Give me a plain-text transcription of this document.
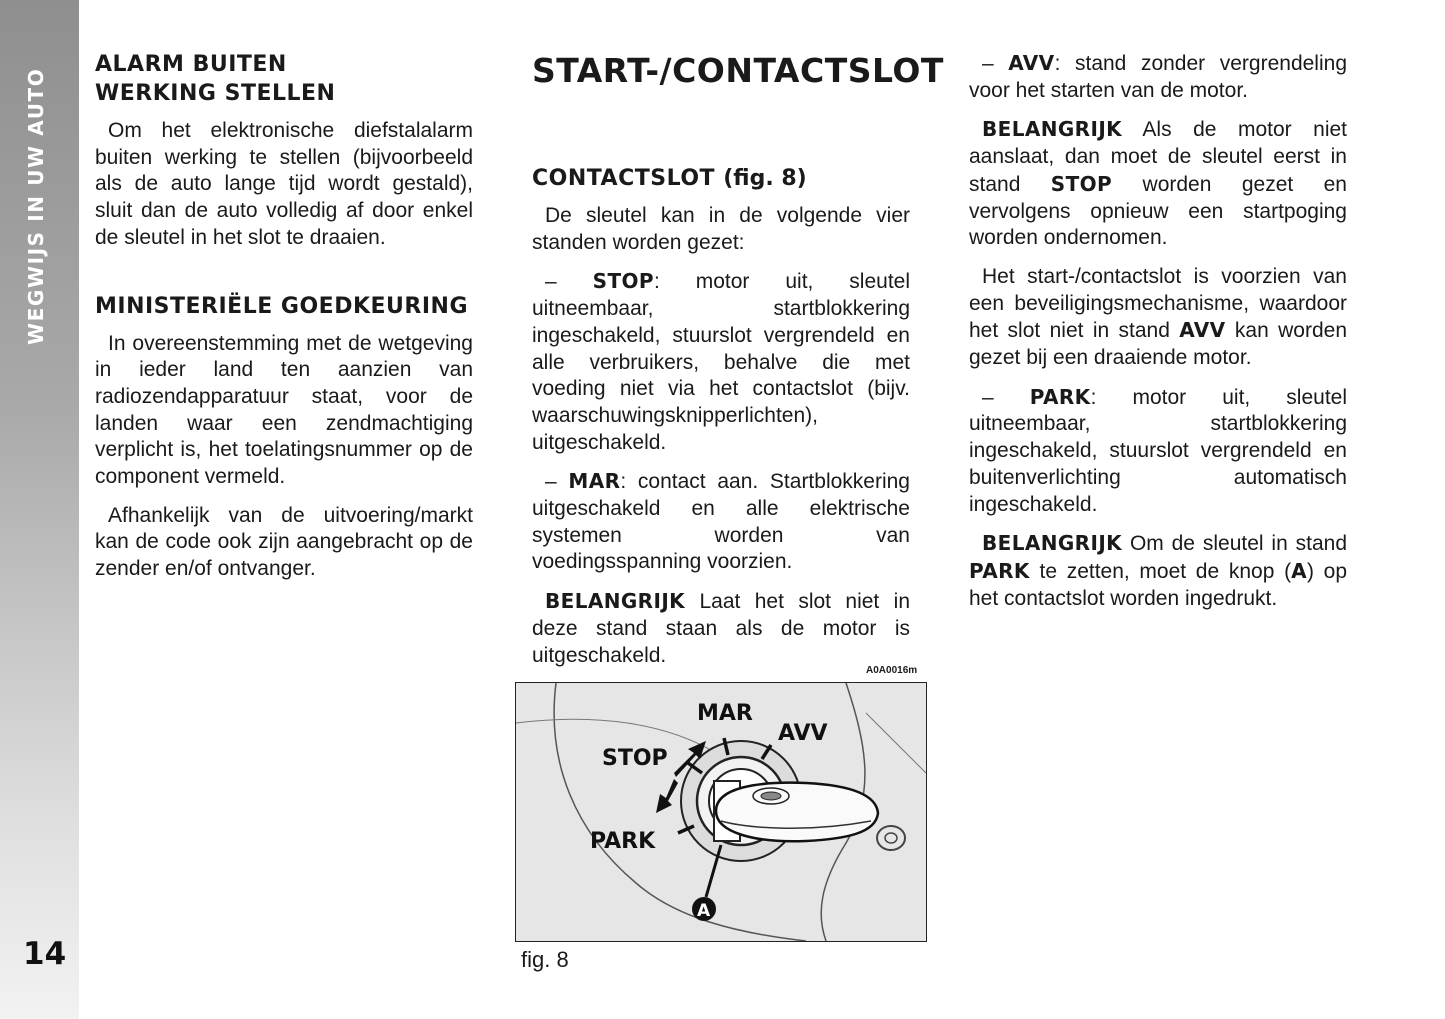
WEGWIJS IN UW AUTO
14
ALARM BUITEN
WERKING STELLEN

Om het elektronische diefstalalarm buiten werking te stellen (bijvoorbeeld als de auto lange tijd wordt gestald), sluit dan de auto volledig af door enkel de sleutel in het slot te draaien.

MINISTERIËLE GOEDKEURING

In overeenstemming met de wetgeving in ieder land ten aanzien van radiozendapparatuur staat, voor de landen waar een zendmachtiging verplicht is, het toelatingsnummer op de component vermeld.

Afhankelijk van de uitvoering/markt kan de code ook zijn aangebracht op de zender en/of ontvanger.

START-/CONTACTSLOT
CONTACTSLOT (fig. 8)

De sleutel kan in de volgende vier standen worden gezet:

– STOP: motor uit, sleutel uitneembaar, startblokkering ingeschakeld, stuurslot vergrendeld en alle verbruikers, behalve die met voeding niet via het contactslot (bijv. waarschuwingsknipperlichten), uitgeschakeld.

– MAR: contact aan. Startblokkering uitgeschakeld en alle elektrische systemen worden van voedingsspanning voorzien.

BELANGRIJK Laat het slot niet in deze stand staan als de motor is uitgeschakeld.

– AVV: stand zonder vergrendeling voor het starten van de motor.

BELANGRIJK Als de motor niet aanslaat, dan moet de sleutel eerst in stand STOP worden gezet en vervolgens opnieuw een startpoging worden ondernomen.

Het start-/contactslot is voorzien van een beveiligingsmechanisme, waardoor het slot niet in stand AVV kan worden gezet bij een draaiende motor.

– PARK: motor uit, sleutel uitneembaar, startblokkering ingeschakeld, stuurslot vergrendeld en buitenverlichting automatisch ingeschakeld.

BELANGRIJK Om de sleutel in stand PARK te zetten, moet de knop (A) op het contactslot worden ingedrukt.

A0A0016m
MAR
AVV
STOP
PARK
A
fig. 8
